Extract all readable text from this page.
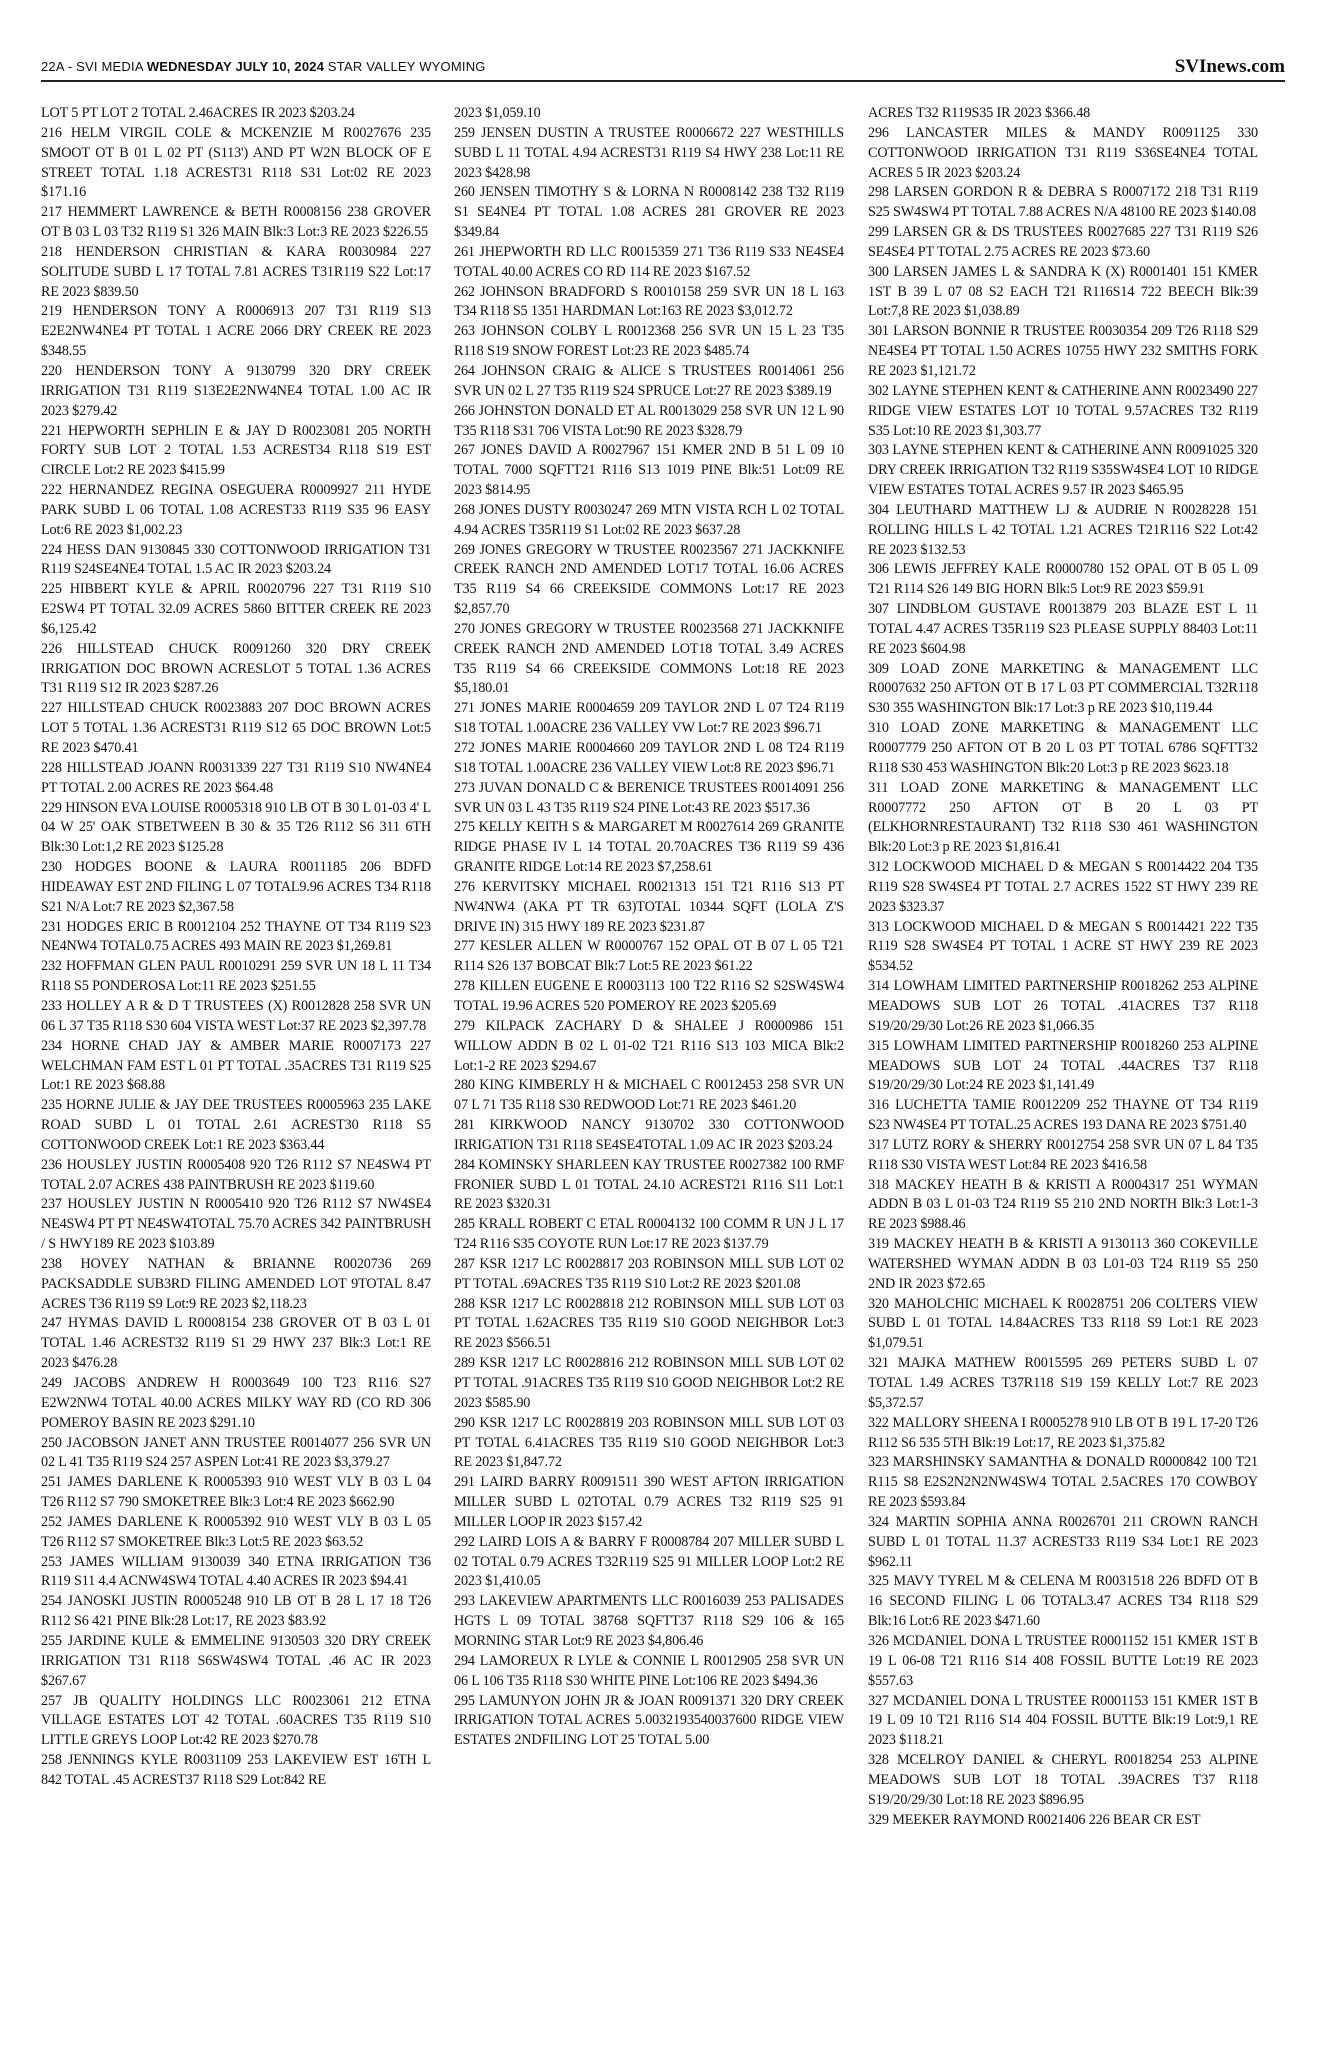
22A - SVI MEDIA WEDNESDAY JULY 10, 2024 STAR VALLEY WYOMING	SVInews.com

LOT 5 PT LOT 2 TOTAL 2.46ACRES IR 2023 $203.24

216 HELM VIRGIL COLE & MCKENZIE M R0027676 235 SMOOT OT B 01 L 02 PT (S113') AND PT W2N BLOCK OF E STREET TOTAL 1.18 ACREST31 R118 S31 Lot:02 RE 2023 $171.16

217 HEMMERT LAWRENCE & BETH R0008156 238 GROVER OT B 03 L 03 T32 R119 S1 326 MAIN Blk:3 Lot:3 RE 2023 $226.55

218 HENDERSON CHRISTIAN & KARA R0030984 227 SOLITUDE SUBD L 17 TOTAL 7.81 ACRES T31R119 S22 Lot:17 RE 2023 $839.50

219 HENDERSON TONY A R0006913 207 T31 R119 S13 E2E2NW4NE4 PT TOTAL 1 ACRE 2066 DRY CREEK RE 2023 $348.55

220 HENDERSON TONY A 9130799 320 DRY CREEK IRRIGATION T31 R119 S13E2E2NW4NE4 TOTAL 1.00 AC IR 2023 $279.42

221 HEPWORTH SEPHLIN E & JAY D R0023081 205 NORTH FORTY SUB LOT 2 TOTAL 1.53 ACREST34 R118 S19 EST CIRCLE Lot:2 RE 2023 $415.99

222 HERNANDEZ REGINA OSEGUERA R0009927 211 HYDE PARK SUBD L 06 TOTAL 1.08 ACREST33 R119 S35 96 EASY Lot:6 RE 2023 $1,002.23

224 HESS DAN 9130845 330 COTTONWOOD IRRIGATION T31 R119 S24SE4NE4 TOTAL 1.5 AC IR 2023 $203.24

225 HIBBERT KYLE & APRIL R0020796 227 T31 R119 S10 E2SW4 PT TOTAL 32.09 ACRES 5860 BITTER CREEK RE 2023 $6,125.42

226 HILLSTEAD CHUCK R0091260 320 DRY CREEK IRRIGATION DOC BROWN ACRESLOT 5 TOTAL 1.36 ACRES T31 R119 S12 IR 2023 $287.26

227 HILLSTEAD CHUCK R0023883 207 DOC BROWN ACRES LOT 5 TOTAL 1.36 ACREST31 R119 S12 65 DOC BROWN Lot:5 RE 2023 $470.41

228 HILLSTEAD JOANN R0031339 227 T31 R119 S10 NW4NE4 PT TOTAL 2.00 ACRES RE 2023 $64.48

229 HINSON EVA LOUISE R0005318 910 LB OT B 30 L 01-03 4' L 04 W 25' OAK STBETWEEN B 30 & 35 T26 R112 S6 311 6TH Blk:30 Lot:1,2 RE 2023 $125.28

230 HODGES BOONE & LAURA R0011185 206 BDFD HIDEAWAY EST 2ND FILING L 07 TOTAL9.96 ACRES T34 R118 S21 N/A Lot:7 RE 2023 $2,367.58

231 HODGES ERIC B R0012104 252 THAYNE OT T34 R119 S23 NE4NW4 TOTAL0.75 ACRES 493 MAIN RE 2023 $1,269.81

232 HOFFMAN GLEN PAUL R0010291 259 SVR UN 18 L 11 T34 R118 S5 PONDEROSA Lot:11 RE 2023 $251.55

233 HOLLEY A R & D T TRUSTEES (X) R0012828 258 SVR UN 06 L 37 T35 R118 S30 604 VISTA WEST Lot:37 RE 2023 $2,397.78

234 HORNE CHAD JAY & AMBER MARIE R0007173 227 WELCHMAN FAM EST L 01 PT TOTAL .35ACRES T31 R119 S25 Lot:1 RE 2023 $68.88

235 HORNE JULIE & JAY DEE TRUSTEES R0005963 235 LAKE ROAD SUBD L 01 TOTAL 2.61 ACREST30 R118 S5 COTTONWOOD CREEK Lot:1 RE 2023 $363.44

236 HOUSLEY JUSTIN R0005408 920 T26 R112 S7 NE4SW4 PT TOTAL 2.07 ACRES 438 PAINTBRUSH RE 2023 $119.60

237 HOUSLEY JUSTIN N R0005410 920 T26 R112 S7 NW4SE4 NE4SW4 PT PT NE4SW4TOTAL 75.70 ACRES 342 PAINTBRUSH / S HWY189 RE 2023 $103.89

238 HOVEY NATHAN & BRIANNE R0020736 269 PACKSADDLE SUB3RD FILING AMENDED LOT 9TOTAL 8.47 ACRES T36 R119 S9 Lot:9 RE 2023 $2,118.23

247 HYMAS DAVID L R0008154 238 GROVER OT B 03 L 01 TOTAL 1.46 ACREST32 R119 S1 29 HWY 237 Blk:3 Lot:1 RE 2023 $476.28

249 JACOBS ANDREW H R0003649 100 T23 R116 S27 E2W2NW4 TOTAL 40.00 ACRES MILKY WAY RD (CO RD 306 POMEROY BASIN RE 2023 $291.10

250 JACOBSON JANET ANN TRUSTEE R0014077 256 SVR UN 02 L 41 T35 R119 S24 257 ASPEN Lot:41 RE 2023 $3,379.27

251 JAMES DARLENE K R0005393 910 WEST VLY B 03 L 04 T26 R112 S7 790 SMOKETREE Blk:3 Lot:4 RE 2023 $662.90

252 JAMES DARLENE K R0005392 910 WEST VLY B 03 L 05 T26 R112 S7 SMOKETREE Blk:3 Lot:5 RE 2023 $63.52

253 JAMES WILLIAM 9130039 340 ETNA IRRIGATION T36 R119 S11 4.4 ACNW4SW4 TOTAL 4.40 ACRES IR 2023 $94.41

254 JANOSKI JUSTIN R0005248 910 LB OT B 28 L 17 18 T26 R112 S6 421 PINE Blk:28 Lot:17, RE 2023 $83.92

255 JARDINE KULE & EMMELINE 9130503 320 DRY CREEK IRRIGATION T31 R118 S6SW4SW4 TOTAL .46 AC IR 2023 $267.67

257 JB QUALITY HOLDINGS LLC R0023061 212 ETNA VILLAGE ESTATES LOT 42 TOTAL .60ACRES T35 R119 S10 LITTLE GREYS LOOP Lot:42 RE 2023 $270.78

258 JENNINGS KYLE R0031109 253 LAKEVIEW EST 16TH L 842 TOTAL .45 ACREST37 R118 S29 Lot:842 RE

2023 $1,059.10

259 JENSEN DUSTIN A TRUSTEE R0006672 227 WESTHILLS SUBD L 11 TOTAL 4.94 ACREST31 R119 S4 HWY 238 Lot:11 RE 2023 $428.98

260 JENSEN TIMOTHY S & LORNA N R0008142 238 T32 R119 S1 SE4NE4 PT TOTAL 1.08 ACRES 281 GROVER RE 2023 $349.84

261 JHEPWORTH RD LLC R0015359 271 T36 R119 S33 NE4SE4 TOTAL 40.00 ACRES CO RD 114 RE 2023 $167.52

262 JOHNSON BRADFORD S R0010158 259 SVR UN 18 L 163 T34 R118 S5 1351 HARDMAN Lot:163 RE 2023 $3,012.72

263 JOHNSON COLBY L R0012368 256 SVR UN 15 L 23 T35 R118 S19 SNOW FOREST Lot:23 RE 2023 $485.74

264 JOHNSON CRAIG & ALICE S TRUSTEES R0014061 256 SVR UN 02 L 27 T35 R119 S24 SPRUCE Lot:27 RE 2023 $389.19

266 JOHNSTON DONALD ET AL R0013029 258 SVR UN 12 L 90 T35 R118 S31 706 VISTA Lot:90 RE 2023 $328.79

267 JONES DAVID A R0027967 151 KMER 2ND B 51 L 09 10 TOTAL 7000 SQFTT21 R116 S13 1019 PINE Blk:51 Lot:09 RE 2023 $814.95

268 JONES DUSTY R0030247 269 MTN VISTA RCH L 02 TOTAL 4.94 ACRES T35R119 S1 Lot:02 RE 2023 $637.28

269 JONES GREGORY W TRUSTEE R0023567 271 JACKKNIFE CREEK RANCH 2ND AMENDED LOT17 TOTAL 16.06 ACRES T35 R119 S4 66 CREEKSIDE COMMONS Lot:17 RE 2023 $2,857.70

270 JONES GREGORY W TRUSTEE R0023568 271 JACKKNIFE CREEK RANCH 2ND AMENDED LOT18 TOTAL 3.49 ACRES T35 R119 S4 66 CREEKSIDE COMMONS Lot:18 RE 2023 $5,180.01

271 JONES MARIE R0004659 209 TAYLOR 2ND L 07 T24 R119 S18 TOTAL 1.00ACRE 236 VALLEY VW Lot:7 RE 2023 $96.71

272 JONES MARIE R0004660 209 TAYLOR 2ND L 08 T24 R119 S18 TOTAL 1.00ACRE 236 VALLEY VIEW Lot:8 RE 2023 $96.71

273 JUVAN DONALD C & BERENICE TRUSTEES R0014091 256 SVR UN 03 L 43 T35 R119 S24 PINE Lot:43 RE 2023 $517.36

275 KELLY KEITH S & MARGARET M R0027614 269 GRANITE RIDGE PHASE IV L 14 TOTAL 20.70ACRES T36 R119 S9 436 GRANITE RIDGE Lot:14 RE 2023 $7,258.61

276 KERVITSKY MICHAEL R0021313 151 T21 R116 S13 PT NW4NW4 (AKA PT TR 63)TOTAL 10344 SQFT (LOLA Z'S DRIVE IN) 315 HWY 189 RE 2023 $231.87

277 KESLER ALLEN W R0000767 152 OPAL OT B 07 L 05 T21 R114 S26 137 BOBCAT Blk:7 Lot:5 RE 2023 $61.22

278 KILLEN EUGENE E R0003113 100 T22 R116 S2 S2SW4SW4 TOTAL 19.96 ACRES 520 POMEROY RE 2023 $205.69

279 KILPACK ZACHARY D & SHALEE J R0000986 151 WILLOW ADDN B 02 L 01-02 T21 R116 S13 103 MICA Blk:2 Lot:1-2 RE 2023 $294.67

280 KING KIMBERLY H & MICHAEL C R0012453 258 SVR UN 07 L 71 T35 R118 S30 REDWOOD Lot:71 RE 2023 $461.20

281 KIRKWOOD NANCY 9130702 330 COTTONWOOD IRRIGATION T31 R118 SE4SE4TOTAL 1.09 AC IR 2023 $203.24

284 KOMINSKY SHARLEEN KAY TRUSTEE R0027382 100 RMF FRONIER SUBD L 01 TOTAL 24.10 ACREST21 R116 S11 Lot:1 RE 2023 $320.31

285 KRALL ROBERT C ETAL R0004132 100 COMM R UN J L 17 T24 R116 S35 COYOTE RUN Lot:17 RE 2023 $137.79

287 KSR 1217 LC R0028817 203 ROBINSON MILL SUB LOT 02 PT TOTAL .69ACRES T35 R119 S10 Lot:2 RE 2023 $201.08

288 KSR 1217 LC R0028818 212 ROBINSON MILL SUB LOT 03 PT TOTAL 1.62ACRES T35 R119 S10 GOOD NEIGHBOR Lot:3 RE 2023 $566.51

289 KSR 1217 LC R0028816 212 ROBINSON MILL SUB LOT 02 PT TOTAL .91ACRES T35 R119 S10 GOOD NEIGHBOR Lot:2 RE 2023 $585.90

290 KSR 1217 LC R0028819 203 ROBINSON MILL SUB LOT 03 PT TOTAL 6.41ACRES T35 R119 S10 GOOD NEIGHBOR Lot:3 RE 2023 $1,847.72

291 LAIRD BARRY R0091511 390 WEST AFTON IRRIGATION MILLER SUBD L 02TOTAL 0.79 ACRES T32 R119 S25 91 MILLER LOOP IR 2023 $157.42

292 LAIRD LOIS A & BARRY F R0008784 207 MILLER SUBD L 02 TOTAL 0.79 ACRES T32R119 S25 91 MILLER LOOP Lot:2 RE 2023 $1,410.05

293 LAKEVIEW APARTMENTS LLC R0016039 253 PALISADES HGTS L 09 TOTAL 38768 SQFTT37 R118 S29 106 & 165 MORNING STAR Lot:9 RE 2023 $4,806.46

294 LAMOREUX R LYLE & CONNIE L R0012905 258 SVR UN 06 L 106 T35 R118 S30 WHITE PINE Lot:106 RE 2023 $494.36

295 LAMUNYON JOHN JR & JOAN R0091371 320 DRY CREEK IRRIGATION TOTAL ACRES 5.0032193540037600 RIDGE VIEW ESTATES 2NDFILING LOT 25 TOTAL 5.00

ACRES T32 R119S35 IR 2023 $366.48

296 LANCASTER MILES & MANDY R0091125 330 COTTONWOOD IRRIGATION T31 R119 S36SE4NE4 TOTAL ACRES 5 IR 2023 $203.24

298 LARSEN GORDON R & DEBRA S R0007172 218 T31 R119 S25 SW4SW4 PT TOTAL 7.88 ACRES N/A 48100 RE 2023 $140.08

299 LARSEN GR & DS TRUSTEES R0027685 227 T31 R119 S26 SE4SE4 PT TOTAL 2.75 ACRES RE 2023 $73.60

300 LARSEN JAMES L & SANDRA K (X) R0001401 151 KMER 1ST B 39 L 07 08 S2 EACH T21 R116S14 722 BEECH Blk:39 Lot:7,8 RE 2023 $1,038.89

301 LARSON BONNIE R TRUSTEE R0030354 209 T26 R118 S29 NE4SE4 PT TOTAL 1.50 ACRES 10755 HWY 232 SMITHS FORK RE 2023 $1,121.72

302 LAYNE STEPHEN KENT & CATHERINE ANN R0023490 227 RIDGE VIEW ESTATES LOT 10 TOTAL 9.57ACRES T32 R119 S35 Lot:10 RE 2023 $1,303.77

303 LAYNE STEPHEN KENT & CATHERINE ANN R0091025 320 DRY CREEK IRRIGATION T32 R119 S35SW4SE4 LOT 10 RIDGE VIEW ESTATES TOTAL ACRES 9.57 IR 2023 $465.95

304 LEUTHARD MATTHEW LJ & AUDRIE N R0028228 151 ROLLING HILLS L 42 TOTAL 1.21 ACRES T21R116 S22 Lot:42 RE 2023 $132.53

306 LEWIS JEFFREY KALE R0000780 152 OPAL OT B 05 L 09 T21 R114 S26 149 BIG HORN Blk:5 Lot:9 RE 2023 $59.91

307 LINDBLOM GUSTAVE R0013879 203 BLAZE EST L 11 TOTAL 4.47 ACRES T35R119 S23 PLEASE SUPPLY 88403 Lot:11 RE 2023 $604.98

309 LOAD ZONE MARKETING & MANAGEMENT LLC R0007632 250 AFTON OT B 17 L 03 PT COMMERCIAL T32R118 S30 355 WASHINGTON Blk:17 Lot:3 p RE 2023 $10,119.44

310 LOAD ZONE MARKETING & MANAGEMENT LLC R0007779 250 AFTON OT B 20 L 03 PT TOTAL 6786 SQFTT32 R118 S30 453 WASHINGTON Blk:20 Lot:3 p RE 2023 $623.18

311 LOAD ZONE MARKETING & MANAGEMENT LLC R0007772 250 AFTON OT B 20 L 03 PT (ELKHORNRESTAURANT) T32 R118 S30 461 WASHINGTON Blk:20 Lot:3 p RE 2023 $1,816.41

312 LOCKWOOD MICHAEL D & MEGAN S R0014422 204 T35 R119 S28 SW4SE4 PT TOTAL 2.7 ACRES 1522 ST HWY 239 RE 2023 $323.37

313 LOCKWOOD MICHAEL D & MEGAN S R0014421 222 T35 R119 S28 SW4SE4 PT TOTAL 1 ACRE ST HWY 239 RE 2023 $534.52

314 LOWHAM LIMITED PARTNERSHIP R0018262 253 ALPINE MEADOWS SUB LOT 26 TOTAL .41ACRES T37 R118 S19/20/29/30 Lot:26 RE 2023 $1,066.35

315 LOWHAM LIMITED PARTNERSHIP R0018260 253 ALPINE MEADOWS SUB LOT 24 TOTAL .44ACRES T37 R118 S19/20/29/30 Lot:24 RE 2023 $1,141.49

316 LUCHETTA TAMIE R0012209 252 THAYNE OT T34 R119 S23 NW4SE4 PT TOTAL.25 ACRES 193 DANA RE 2023 $751.40

317 LUTZ RORY & SHERRY R0012754 258 SVR UN 07 L 84 T35 R118 S30 VISTA WEST Lot:84 RE 2023 $416.58

318 MACKEY HEATH B & KRISTI A R0004317 251 WYMAN ADDN B 03 L 01-03 T24 R119 S5 210 2ND NORTH Blk:3 Lot:1-3 RE 2023 $988.46

319 MACKEY HEATH B & KRISTI A 9130113 360 COKEVILLE WATERSHED WYMAN ADDN B 03 L01-03 T24 R119 S5 250 2ND IR 2023 $72.65

320 MAHOLCHIC MICHAEL K R0028751 206 COLTERS VIEW SUBD L 01 TOTAL 14.84ACRES T33 R118 S9 Lot:1 RE 2023 $1,079.51

321 MAJKA MATHEW R0015595 269 PETERS SUBD L 07 TOTAL 1.49 ACRES T37R118 S19 159 KELLY Lot:7 RE 2023 $5,372.57

322 MALLORY SHEENA I R0005278 910 LB OT B 19 L 17-20 T26 R112 S6 535 5TH Blk:19 Lot:17, RE 2023 $1,375.82

323 MARSHINSKY SAMANTHA & DONALD R0000842 100 T21 R115 S8 E2S2N2N2NW4SW4 TOTAL 2.5ACRES 170 COWBOY RE 2023 $593.84

324 MARTIN SOPHIA ANNA R0026701 211 CROWN RANCH SUBD L 01 TOTAL 11.37 ACREST33 R119 S34 Lot:1 RE 2023 $962.11

325 MAVY TYREL M & CELENA M R0031518 226 BDFD OT B 16 SECOND FILING L 06 TOTAL3.47 ACRES T34 R118 S29 Blk:16 Lot:6 RE 2023 $471.60

326 MCDANIEL DONA L TRUSTEE R0001152 151 KMER 1ST B 19 L 06-08 T21 R116 S14 408 FOSSIL BUTTE Lot:19 RE 2023 $557.63

327 MCDANIEL DONA L TRUSTEE R0001153 151 KMER 1ST B 19 L 09 10 T21 R116 S14 404 FOSSIL BUTTE Blk:19 Lot:9,1 RE 2023 $118.21

328 MCELROY DANIEL & CHERYL R0018254 253 ALPINE MEADOWS SUB LOT 18 TOTAL .39ACRES T37 R118 S19/20/29/30 Lot:18 RE 2023 $896.95

329 MEEKER RAYMOND R0021406 226 BEAR CR EST
